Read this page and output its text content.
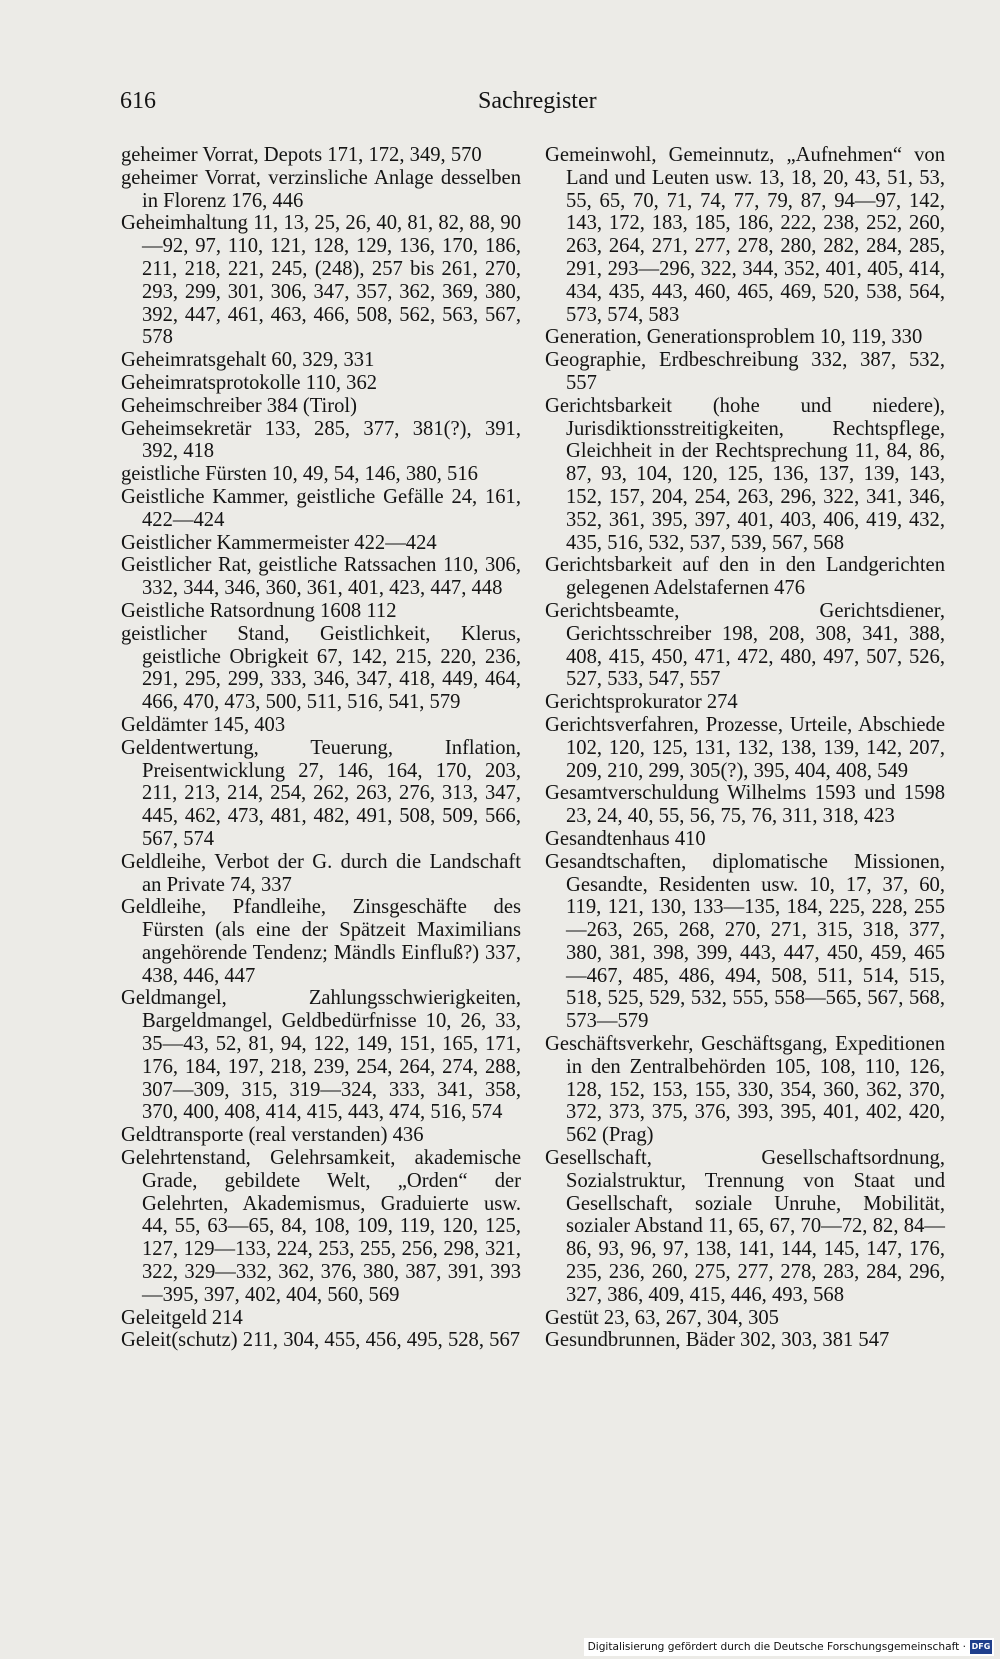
616	Sachregister

geheimer Vorrat, Depots 171, 172, 349, 570

geheimer Vorrat, verzinsliche Anlage desselben in Florenz 176, 446

Geheimhaltung 11, 13, 25, 26, 40, 81, 82, 88, 90—92, 97, 110, 121, 128, 129, 136, 170, 186, 211, 218, 221, 245, (248), 257 bis 261, 270, 293, 299, 301, 306, 347, 357, 362, 369, 380, 392, 447, 461, 463, 466, 508, 562, 563, 567, 578

Geheimratsgehalt 60, 329, 331

Geheimratsprotokolle 110, 362

Geheimschreiber 384 (Tirol)

Geheimsekretär 133, 285, 377, 381(?), 391, 392, 418

geistliche Fürsten 10, 49, 54, 146, 380, 516

Geistliche Kammer, geistliche Gefälle 24, 161, 422—424

Geistlicher Kammermeister 422—424

Geistlicher Rat, geistliche Ratssachen 110, 306, 332, 344, 346, 360, 361, 401, 423, 447, 448

Geistliche Ratsordnung 1608 112

geistlicher Stand, Geistlichkeit, Klerus, geistliche Obrigkeit 67, 142, 215, 220, 236, 291, 295, 299, 333, 346, 347, 418, 449, 464, 466, 470, 473, 500, 511, 516, 541, 579

Geldämter 145, 403

Geldentwertung, Teuerung, Inflation, Preisentwicklung 27, 146, 164, 170, 203, 211, 213, 214, 254, 262, 263, 276, 313, 347, 445, 462, 473, 481, 482, 491, 508, 509, 566, 567, 574

Geldleihe, Verbot der G. durch die Landschaft an Private 74, 337

Geldleihe, Pfandleihe, Zinsgeschäfte des Fürsten (als eine der Spätzeit Maximilians angehörende Tendenz; Mändls Einfluß?) 337, 438, 446, 447

Geldmangel, Zahlungsschwierigkeiten, Bargeldmangel, Geldbedürfnisse 10, 26, 33, 35—43, 52, 81, 94, 122, 149, 151, 165, 171, 176, 184, 197, 218, 239, 254, 264, 274, 288, 307—309, 315, 319—324, 333, 341, 358, 370, 400, 408, 414, 415, 443, 474, 516, 574

Geldtransporte (real verstanden) 436

Gelehrtenstand, Gelehrsamkeit, akademische Grade, gebildete Welt, „Orden“ der Gelehrten, Akademismus, Graduierte usw. 44, 55, 63—65, 84, 108, 109, 119, 120, 125, 127, 129—133, 224, 253, 255, 256, 298, 321, 322, 329—332, 362, 376, 380, 387, 391, 393—395, 397, 402, 404, 560, 569

Geleitgeld 214

Geleit(schutz) 211, 304, 455, 456, 495, 528, 567

Gemeinwohl, Gemeinnutz, „Aufnehmen“ von Land und Leuten usw. 13, 18, 20, 43, 51, 53, 55, 65, 70, 71, 74, 77, 79, 87, 94—97, 142, 143, 172, 183, 185, 186, 222, 238, 252, 260, 263, 264, 271, 277, 278, 280, 282, 284, 285, 291, 293—296, 322, 344, 352, 401, 405, 414, 434, 435, 443, 460, 465, 469, 520, 538, 564, 573, 574, 583

Generation, Generationsproblem 10, 119, 330

Geographie, Erdbeschreibung 332, 387, 532, 557

Gerichtsbarkeit (hohe und niedere), Jurisdiktionsstreitigkeiten, Rechtspflege, Gleichheit in der Rechtsprechung 11, 84, 86, 87, 93, 104, 120, 125, 136, 137, 139, 143, 152, 157, 204, 254, 263, 296, 322, 341, 346, 352, 361, 395, 397, 401, 403, 406, 419, 432, 435, 516, 532, 537, 539, 567, 568

Gerichtsbarkeit auf den in den Landgerichten gelegenen Adelstafernen 476

Gerichtsbeamte, Gerichtsdiener, Gerichtsschreiber 198, 208, 308, 341, 388, 408, 415, 450, 471, 472, 480, 497, 507, 526, 527, 533, 547, 557

Gerichtsprokurator 274

Gerichtsverfahren, Prozesse, Urteile, Abschiede 102, 120, 125, 131, 132, 138, 139, 142, 207, 209, 210, 299, 305(?), 395, 404, 408, 549

Gesamtverschuldung Wilhelms 1593 und 1598 23, 24, 40, 55, 56, 75, 76, 311, 318, 423

Gesandtenhaus 410

Gesandtschaften, diplomatische Missionen, Gesandte, Residenten usw. 10, 17, 37, 60, 119, 121, 130, 133—135, 184, 225, 228, 255—263, 265, 268, 270, 271, 315, 318, 377, 380, 381, 398, 399, 443, 447, 450, 459, 465—467, 485, 486, 494, 508, 511, 514, 515, 518, 525, 529, 532, 555, 558—565, 567, 568, 573—579

Geschäftsverkehr, Geschäftsgang, Expeditionen in den Zentralbehörden 105, 108, 110, 126, 128, 152, 153, 155, 330, 354, 360, 362, 370, 372, 373, 375, 376, 393, 395, 401, 402, 420, 562 (Prag)

Gesellschaft, Gesellschaftsordnung, Sozialstruktur, Trennung von Staat und Gesellschaft, soziale Unruhe, Mobilität, sozialer Abstand 11, 65, 67, 70—72, 82, 84—86, 93, 96, 97, 138, 141, 144, 145, 147, 176, 235, 236, 260, 275, 277, 278, 283, 284, 296, 327, 386, 409, 415, 446, 493, 568

Gestüt 23, 63, 267, 304, 305

Gesundbrunnen, Bäder 302, 303, 381 547

Digitalisierung gefördert durch die Deutsche Forschungsgemeinschaft · DFG
